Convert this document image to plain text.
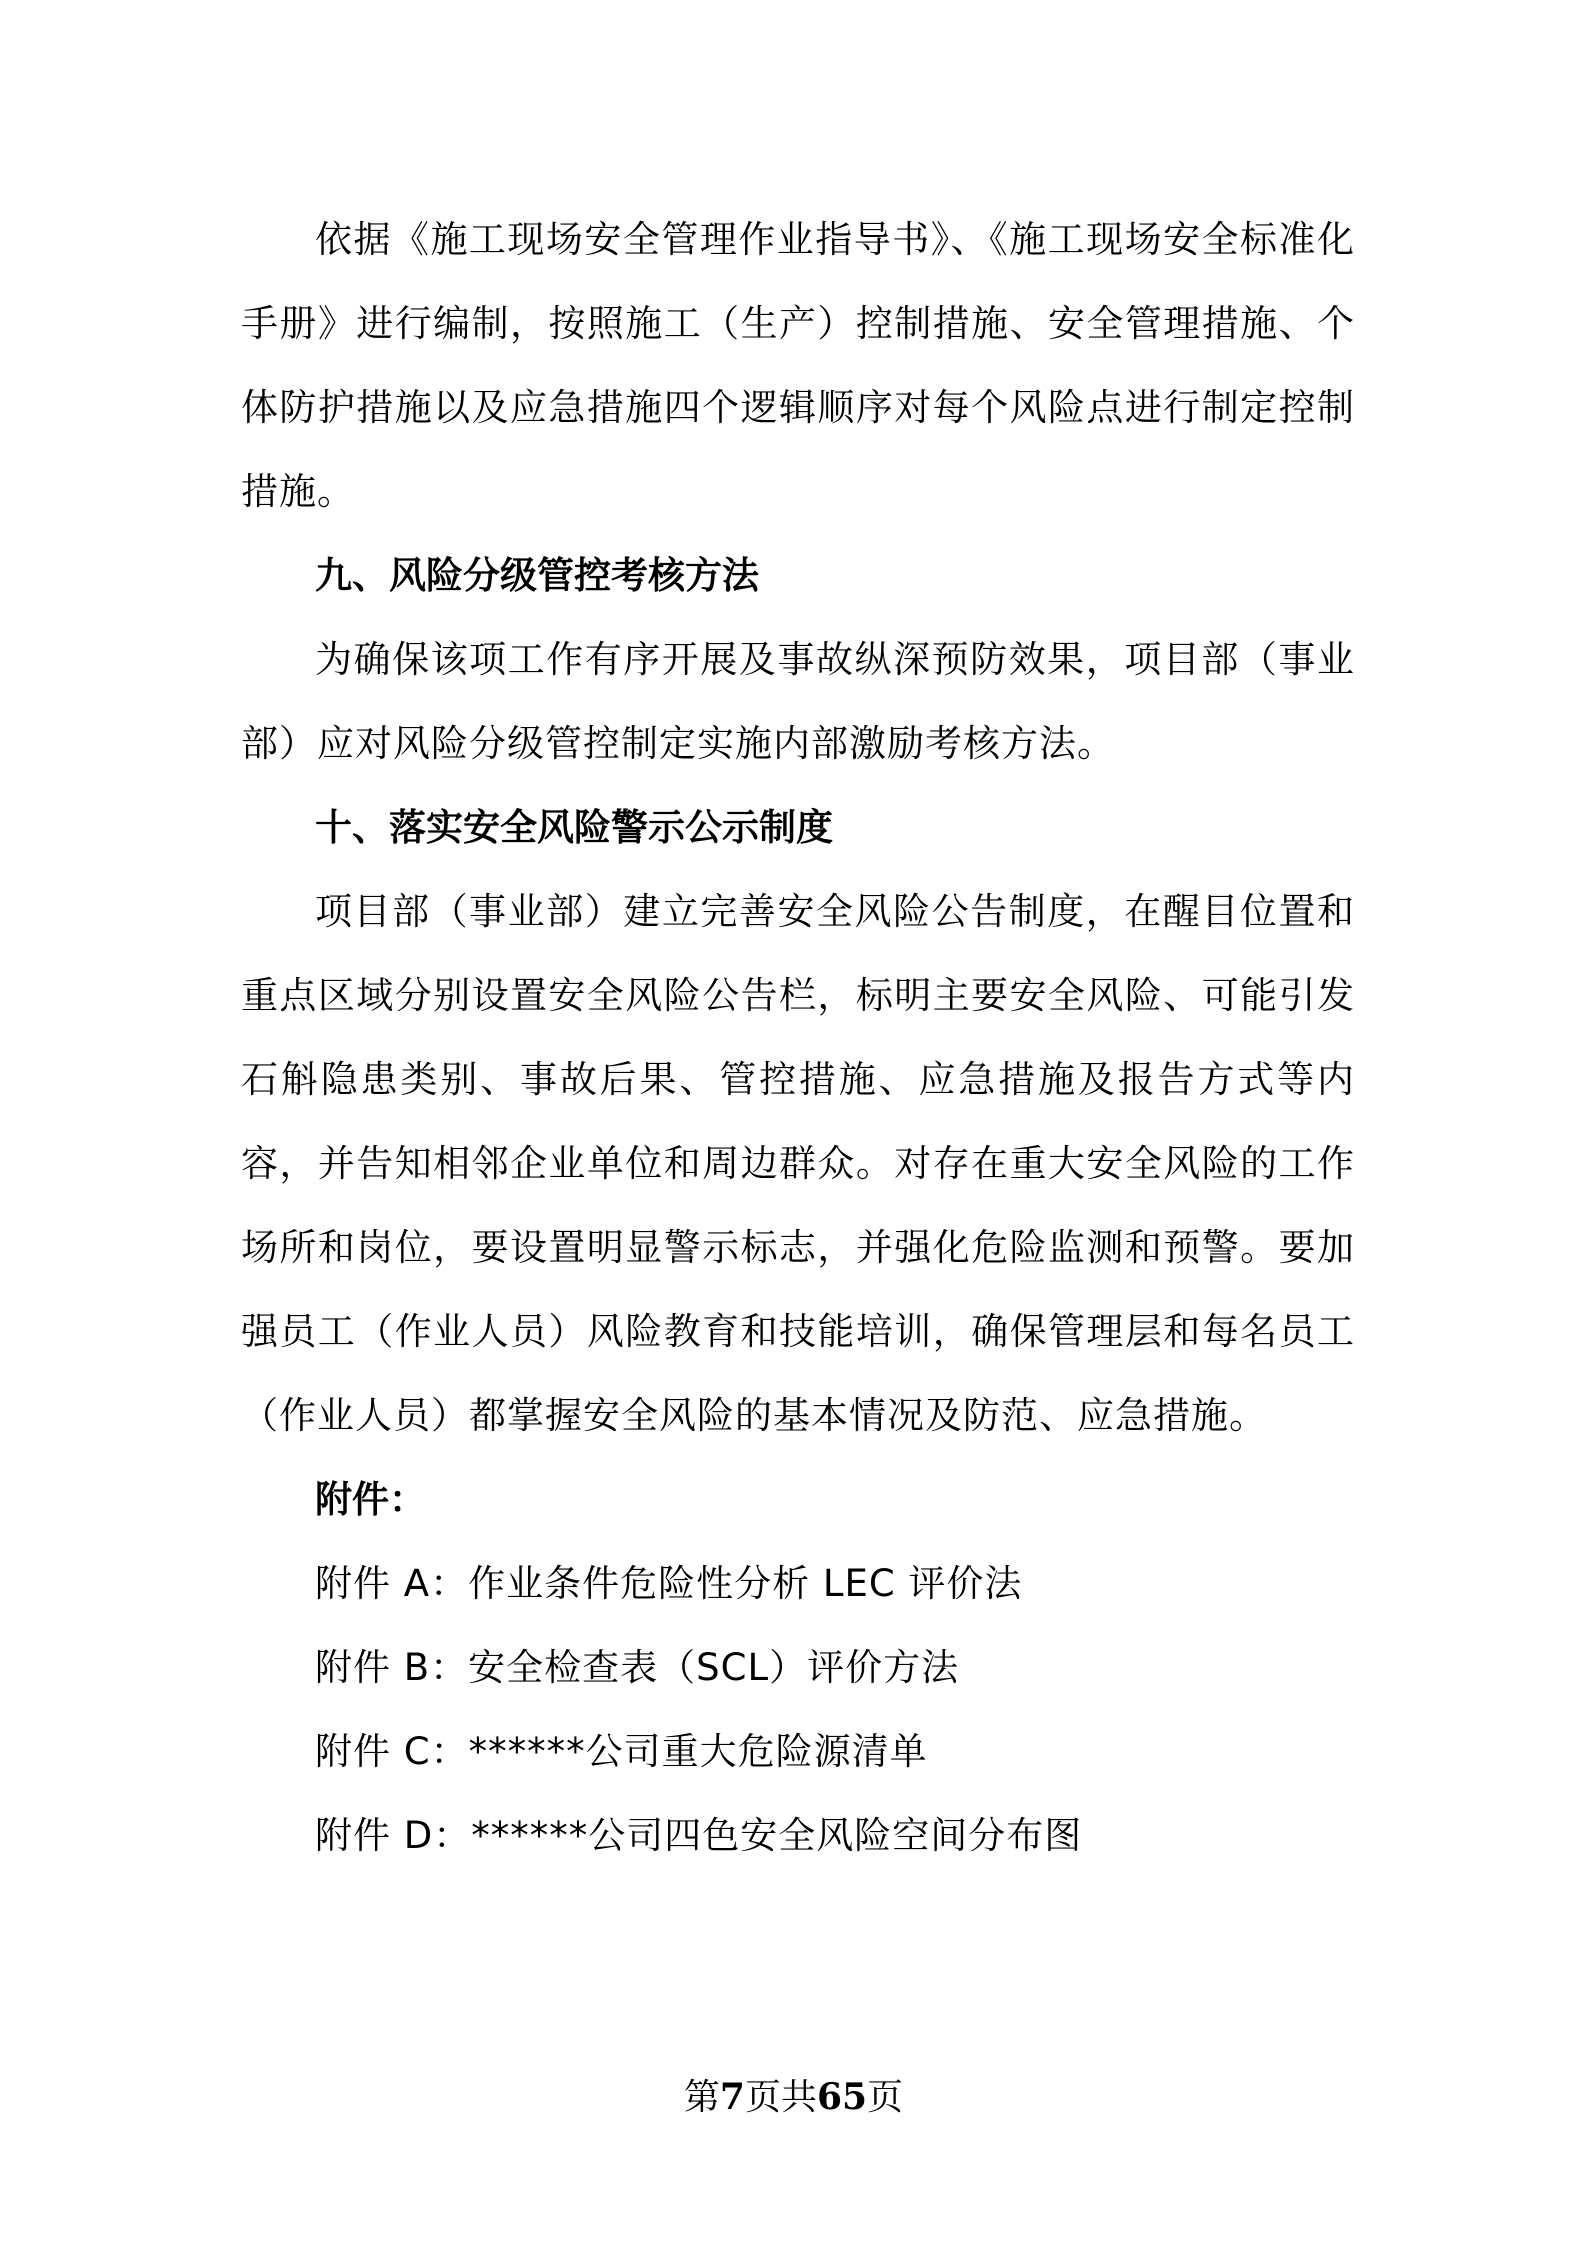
依据《施工现场安全管理作业指导书》、《施工现场安全标准化手册》进行编制，按照施工（生产）控制措施、安全管理措施、个体防护措施以及应急措施四个逻辑顺序对每个风险点进行制定控制措施。

九、风险分级管控考核方法

为确保该项工作有序开展及事故纵深预防效果，项目部（事业部）应对风险分级管控制定实施内部激励考核方法。

十、落实安全风险警示公示制度

项目部（事业部）建立完善安全风险公告制度，在醒目位置和重点区域分别设置安全风险公告栏，标明主要安全风险、可能引发石斛隐患类别、事故后果、管控措施、应急措施及报告方式等内容，并告知相邻企业单位和周边群众。对存在重大安全风险的工作场所和岗位，要设置明显警示标志，并强化危险监测和预警。要加强员工（作业人员）风险教育和技能培训，确保管理层和每名员工（作业人员）都掌握安全风险的基本情况及防范、应急措施。

附件：

附件 A：作业条件危险性分析 LEC 评价法

附件 B：安全检查表（SCL）评价方法

附件 C：******公司重大危险源清单

附件 D：******公司四色安全风险空间分布图

第7页共65页
